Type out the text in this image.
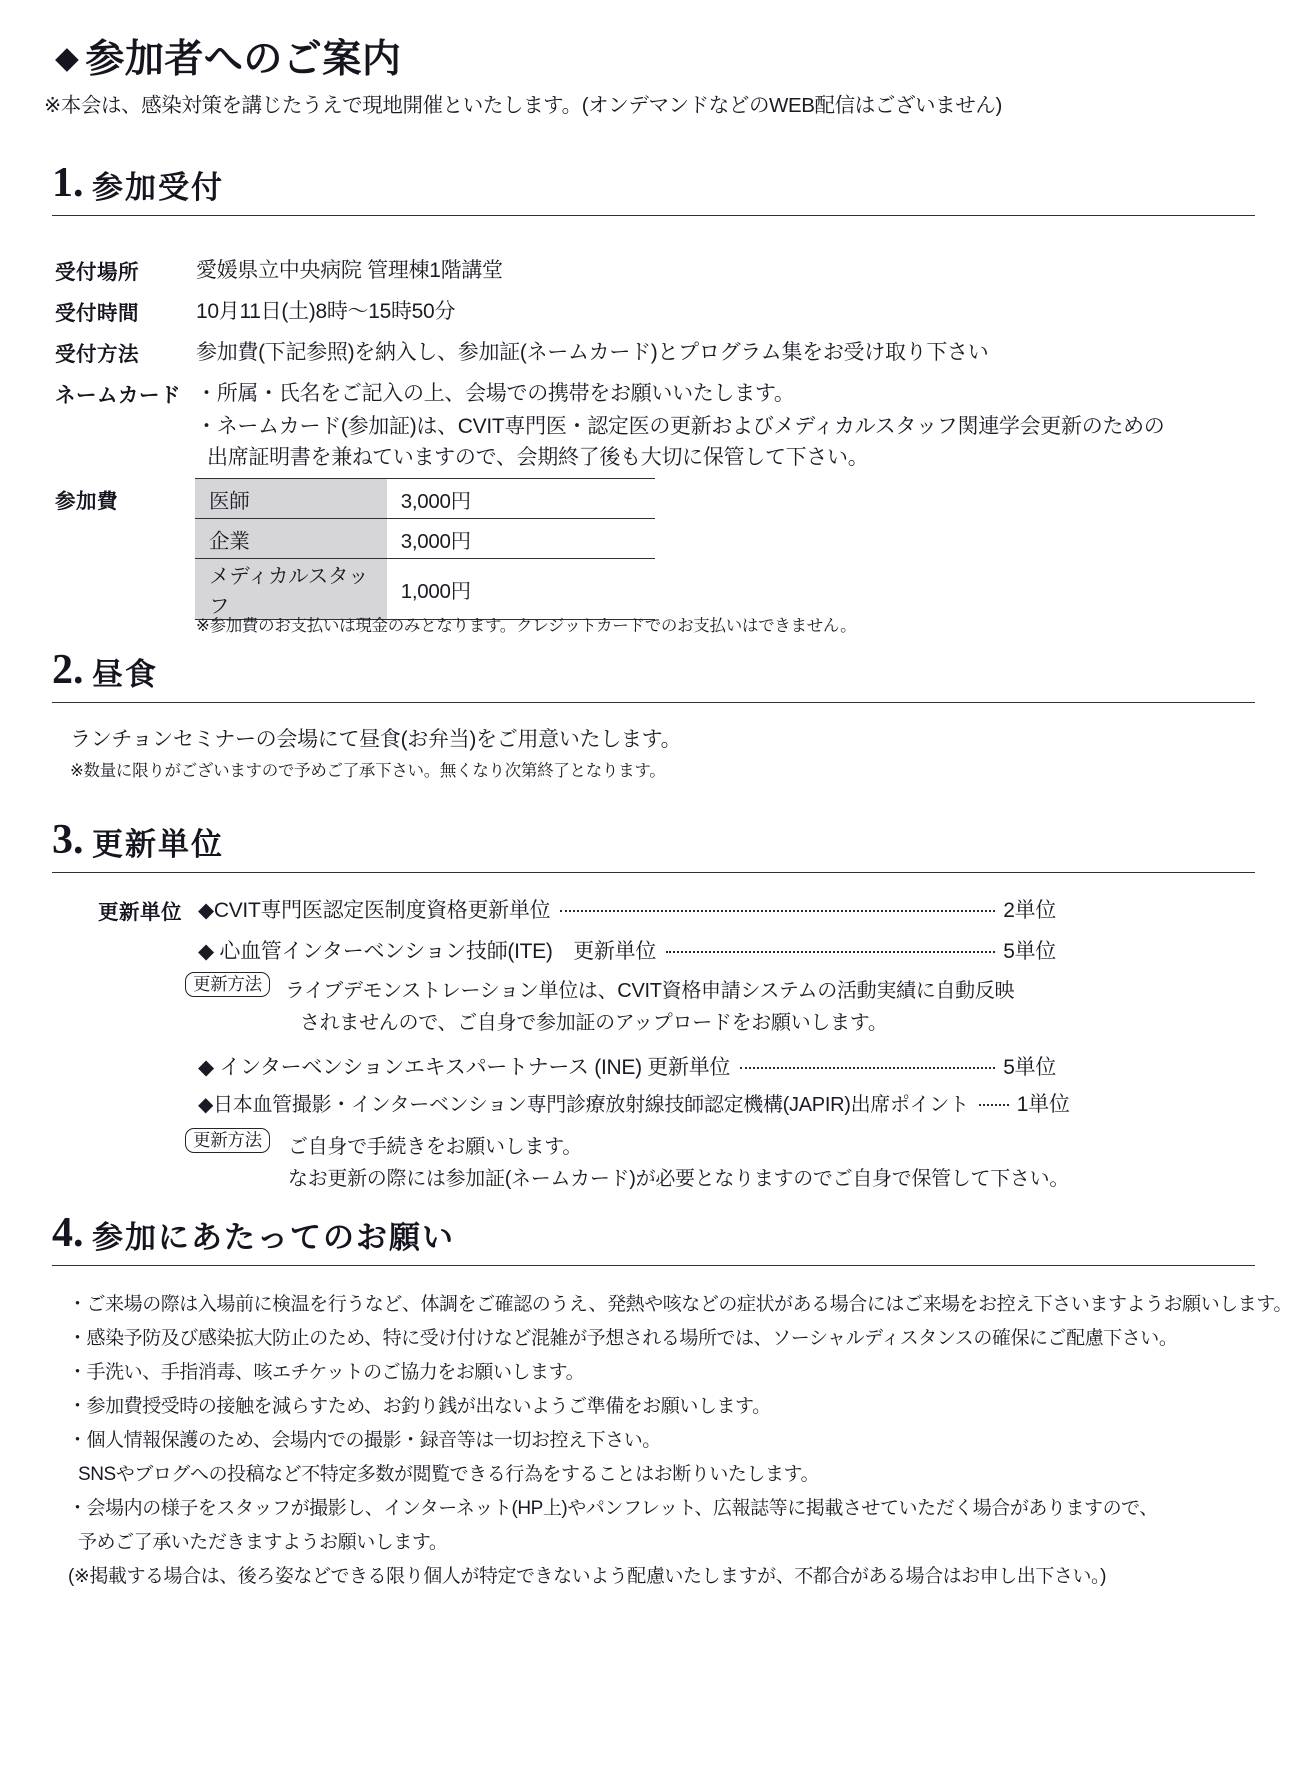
◆ 参加者へのご案内
※本会は、感染対策を講じたうえで現地開催といたします。(オンデマンドなどのWEB配信はございません)
1. 参加受付
受付場所	愛媛県立中央病院 管理棟1階講堂
受付時間	10月11日(土)8時〜15時50分
受付方法	参加費(下記参照)を納入し、参加証(ネームカード)とプログラム集をお受け取り下さい
ネームカード ・所属・氏名をご記入の上、会場での携帯をお願いいたします。
・ネームカード(参加証)は、CVIT専門医・認定医の更新およびメディカルスタッフ関連学会更新のための
出席証明書を兼ねていますので、会期終了後も大切に保管して下さい。
参加費	医師	3,000円
企業	3,000円
メディカルスタッフ	1,000円
※参加費のお支払いは現金のみとなります。クレジットカードでのお支払いはできません。
2. 昼食
ランチョンセミナーの会場にて昼食(お弁当)をご用意いたします。
※数量に限りがございますので予めご了承下さい。無くなり次第終了となります。
3. 更新単位
更新単位 ◆CVIT専門医認定医制度資格更新単位	2単位
◆ 心血管インターベンション技師(ITE)　更新単位	5単位
更新方法	ライブデモンストレーション単位は、CVIT資格申請システムの活動実績に自動反映
されませんので、ご自身で参加証のアップロードをお願いします。
◆ インターベンションエキスパートナース (INE) 更新単位	5単位
◆日本血管撮影・インターベンション専門診療放射線技師認定機構(JAPIR)出席ポイント 1単位
更新方法	ご自身で手続きをお願いします。
なお更新の際には参加証(ネームカード)が必要となりますのでご自身で保管して下さい。
4. 参加にあたってのお願い
・ご来場の際は入場前に検温を行うなど、体調をご確認のうえ、発熱や咳などの症状がある場合にはご来場をお控え下さいますようお願いします。
・感染予防及び感染拡大防止のため、特に受け付けなど混雑が予想される場所では、ソーシャルディスタンスの確保にご配慮下さい。
・手洗い、手指消毒、咳エチケットのご協力をお願いします。
・参加費授受時の接触を減らすため、お釣り銭が出ないようご準備をお願いします。
・個人情報保護のため、会場内での撮影・録音等は一切お控え下さい。
SNSやブログへの投稿など不特定多数が閲覧できる行為をすることはお断りいたします。
・会場内の様子をスタッフが撮影し、インターネット(HP上)やパンフレット、広報誌等に掲載させていただく場合がありますので、
予めご了承いただきますようお願いします。
(※掲載する場合は、後ろ姿などできる限り個人が特定できないよう配慮いたしますが、不都合がある場合はお申し出下さい。)
